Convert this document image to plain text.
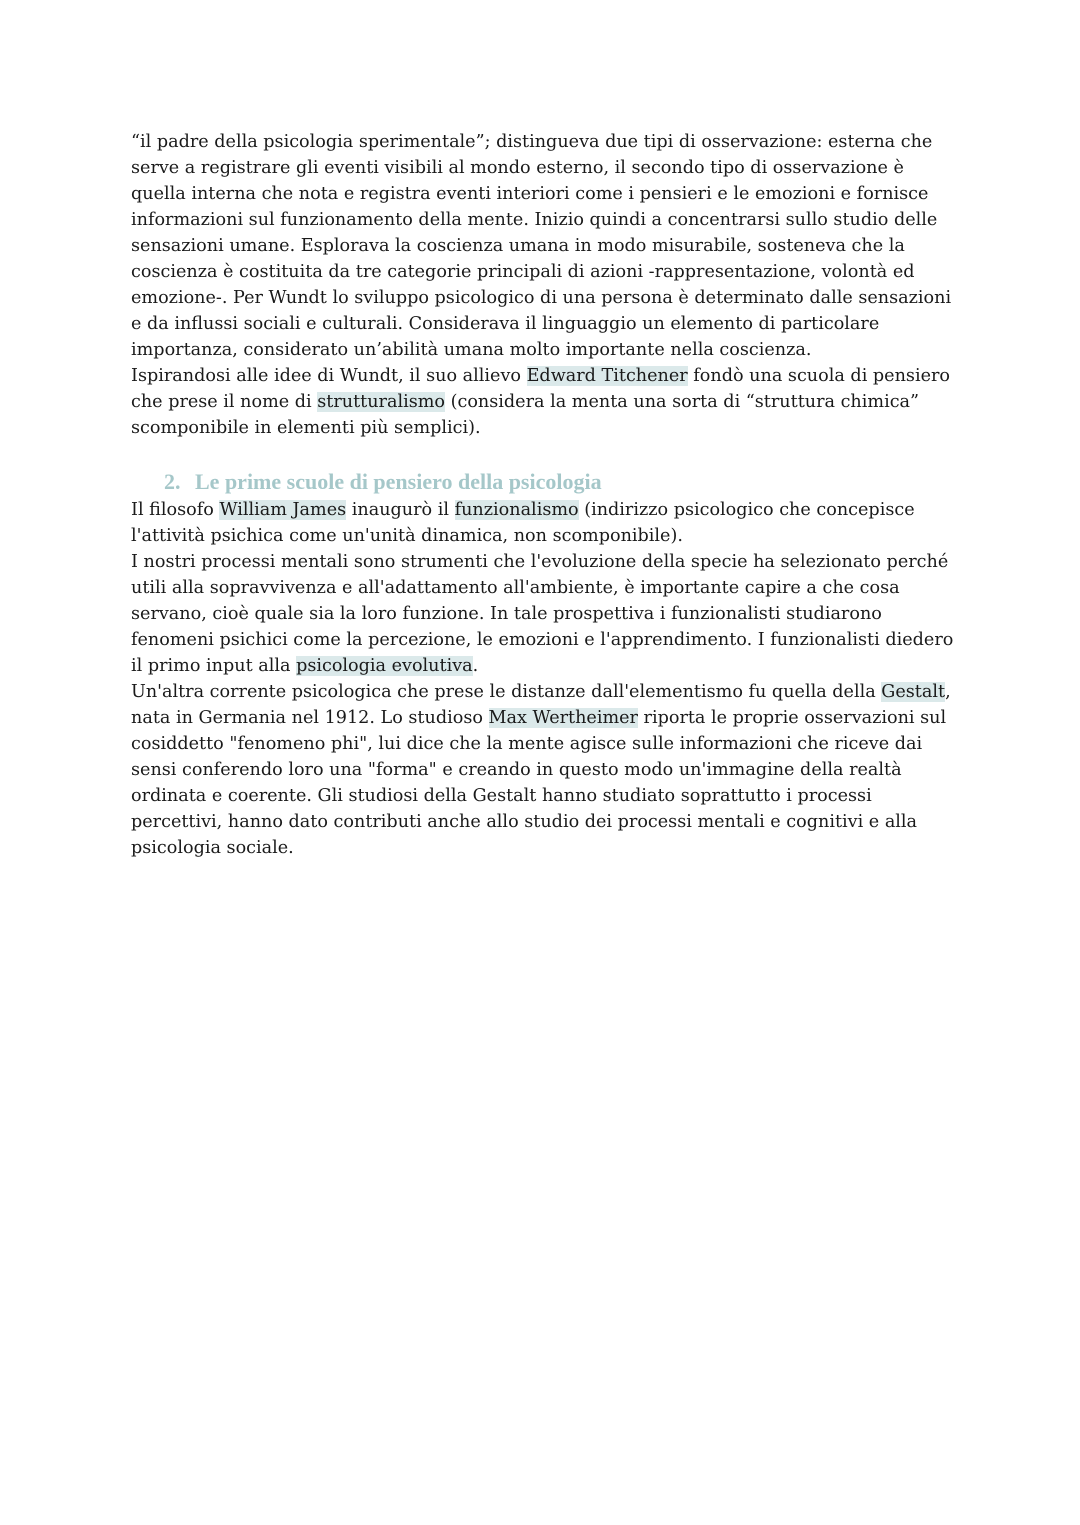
“il padre della psicologia sperimentale”; distingueva due tipi di osservazione: esterna che serve a registrare gli eventi visibili al mondo esterno, il secondo tipo di osservazione è quella interna che nota e registra eventi interiori come i pensieri e le emozioni e fornisce informazioni sul funzionamento della mente. Inizio quindi a concentrarsi sullo studio delle sensazioni umane. Esplorava la coscienza umana in modo misurabile, sosteneva che la coscienza è costituita da tre categorie principali di azioni -rappresentazione, volontà ed emozione-. Per Wundt lo sviluppo psicologico di una persona è determinato dalle sensazioni e da influssi sociali e culturali. Considerava il linguaggio un elemento di particolare importanza, considerato un’abilità umana molto importante nella coscienza.

Ispirandosi alle idee di Wundt, il suo allievo Edward Titchener fondò una scuola di pensiero che prese il nome di strutturalismo (considera la menta una sorta di “struttura chimica” scomponibile in elementi più semplici).

2. Le prime scuole di pensiero della psicologia

Il filosofo William James inaugurò il funzionalismo (indirizzo psicologico che concepisce l'attività psichica come un'unità dinamica, non scomponibile).

I nostri processi mentali sono strumenti che l'evoluzione della specie ha selezionato perché utili alla sopravvivenza e all'adattamento all'ambiente, è importante capire a che cosa servano, cioè quale sia la loro funzione. In tale prospettiva i funzionalisti studiarono fenomeni psichici come la percezione, le emozioni e l'apprendimento. I funzionalisti diedero il primo input alla psicologia evolutiva.

Un'altra corrente psicologica che prese le distanze dall'elementismo fu quella della Gestalt, nata in Germania nel 1912. Lo studioso Max Wertheimer riporta le proprie osservazioni sul cosiddetto "fenomeno phi", lui dice che la mente agisce sulle informazioni che riceve dai sensi conferendo loro una "forma" e creando in questo modo un'immagine della realtà ordinata e coerente. Gli studiosi della Gestalt hanno studiato soprattutto i processi percettivi, hanno dato contributi anche allo studio dei processi mentali e cognitivi e alla psicologia sociale.
